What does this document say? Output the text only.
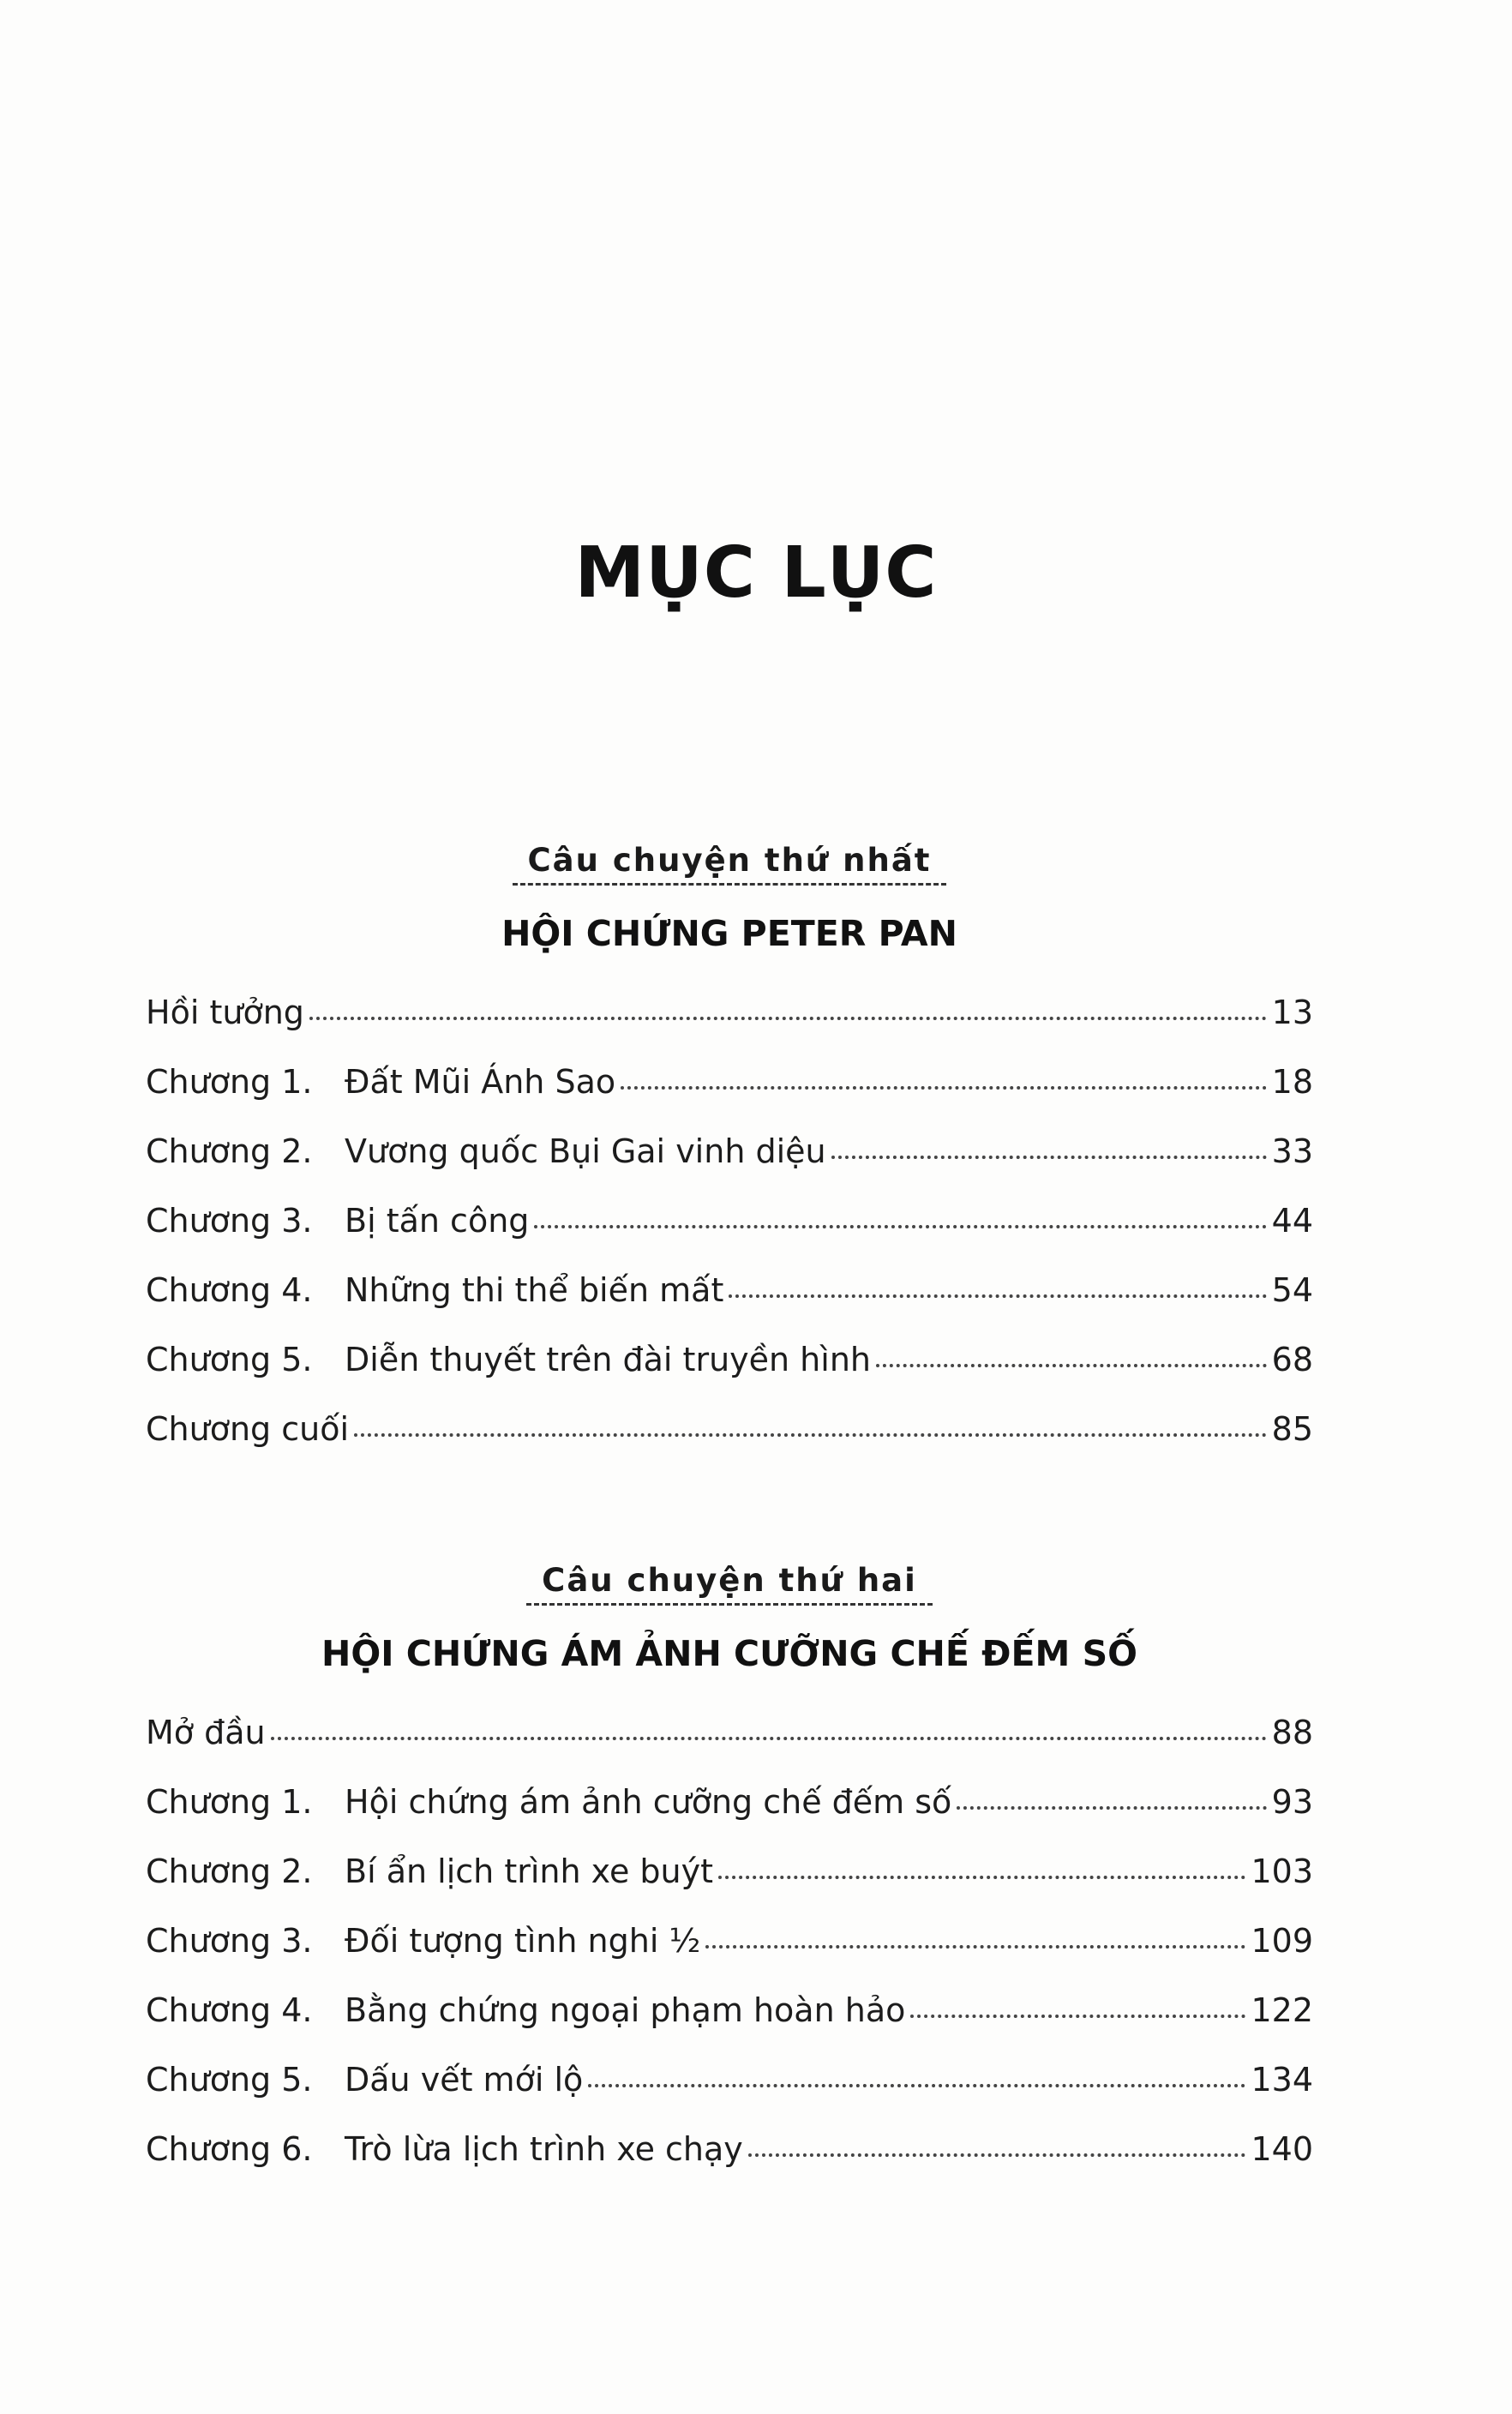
MỤC LỤC
Câu chuyện thứ nhất
HỘI CHỨNG PETER PAN
Hồi tưởng	13
Chương 1. Đất Mũi Ánh Sao	18
Chương 2. Vương quốc Bụi Gai vinh diệu	33
Chương 3. Bị tấn công	44
Chương 4. Những thi thể biến mất	54
Chương 5. Diễn thuyết trên đài truyền hình	68
Chương cuối	85
Câu chuyện thứ hai
HỘI CHỨNG ÁM ẢNH CƯỠNG CHẾ ĐẾM SỐ
Mở đầu	88
Chương 1. Hội chứng ám ảnh cưỡng chế đếm số	93
Chương 2. Bí ẩn lịch trình xe buýt	103
Chương 3. Đối tượng tình nghi ½	109
Chương 4. Bằng chứng ngoại phạm hoàn hảo	122
Chương 5. Dấu vết mới lộ	134
Chương 6. Trò lừa lịch trình xe chạy	140
